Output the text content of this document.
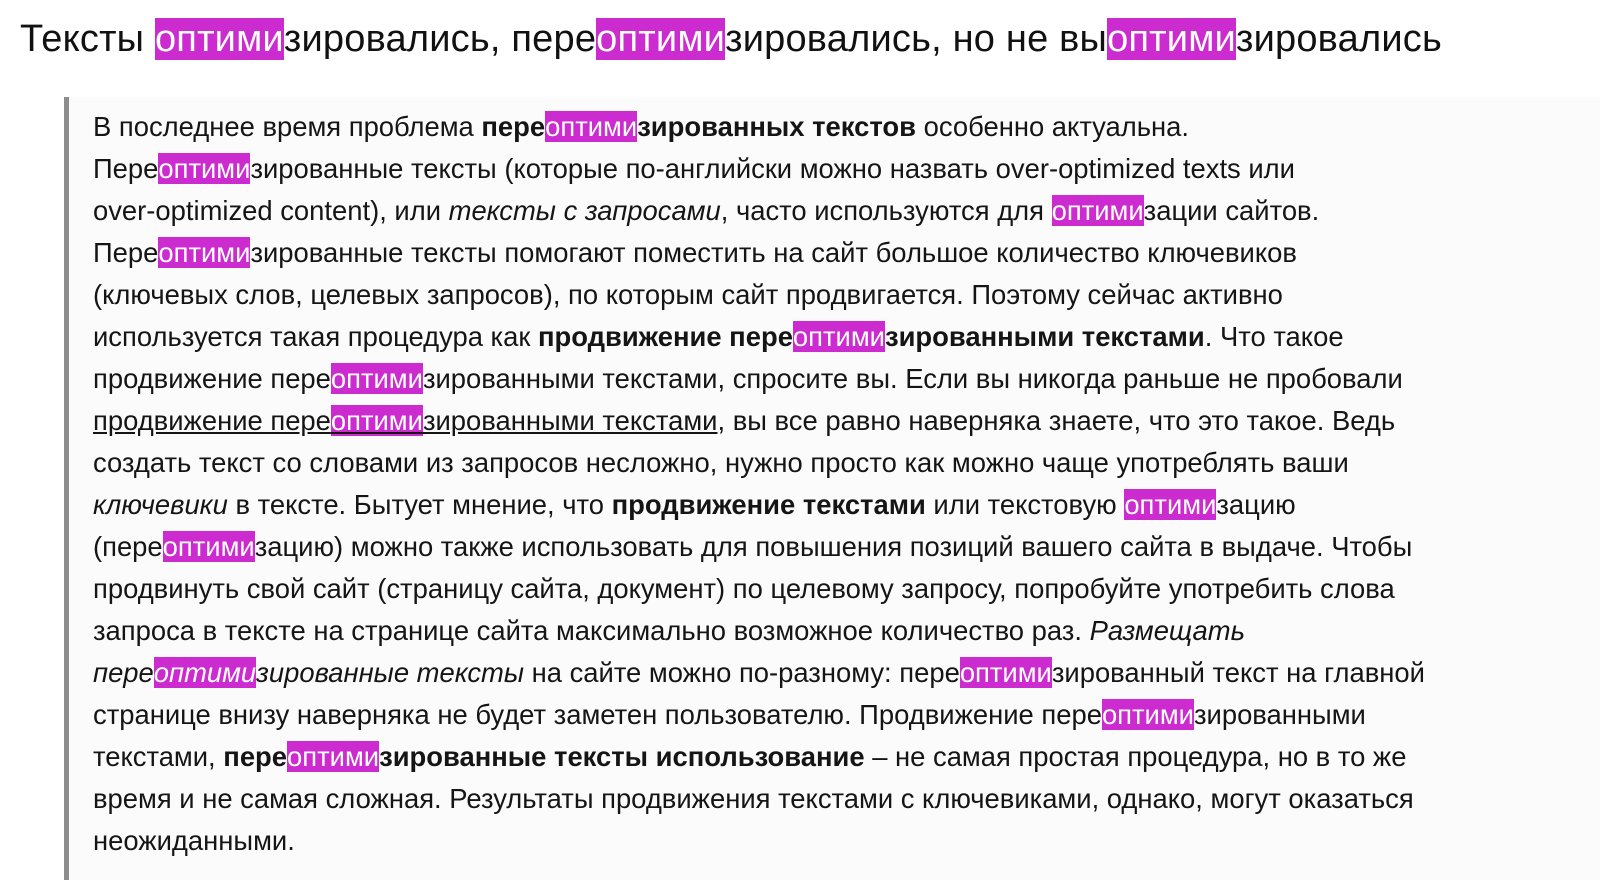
Тексты оптимизировались, переоптимизировались, но не выоптимизировались
В последнее время проблема переоптимизированных текстов особенно актуальна.
Переоптимизированные тексты (которые по-английски можно назвать over-optimized texts или
over-optimized content), или тексты с запросами, часто используются для оптимизации сайтов.
Переоптимизированные тексты помогают поместить на сайт большое количество ключевиков
(ключевых слов, целевых запросов), по которым сайт продвигается. Поэтому сейчас активно
используется такая процедура как продвижение переоптимизированными текстами. Что такое
продвижение переоптимизированными текстами, спросите вы. Если вы никогда раньше не пробовали
продвижение переоптимизированными текстами, вы все равно наверняка знаете, что это такое. Ведь
создать текст со словами из запросов несложно, нужно просто как можно чаще употреблять ваши
ключевики в тексте. Бытует мнение, что продвижение текстами или текстовую оптимизацию
(переоптимизацию) можно также использовать для повышения позиций вашего сайта в выдаче. Чтобы
продвинуть свой сайт (страницу сайта, документ) по целевому запросу, попробуйте употребить слова
запроса в тексте на странице сайта максимально возможное количество раз. Размещать
переоптимизированные тексты на сайте можно по-разному: переоптимизированный текст на главной
странице внизу наверняка не будет заметен пользователю. Продвижение переоптимизированными
текстами, переоптимизированные тексты использование – не самая простая процедура, но в то же
время и не самая сложная. Результаты продвижения текстами с ключевиками, однако, могут оказаться
неожиданными.
